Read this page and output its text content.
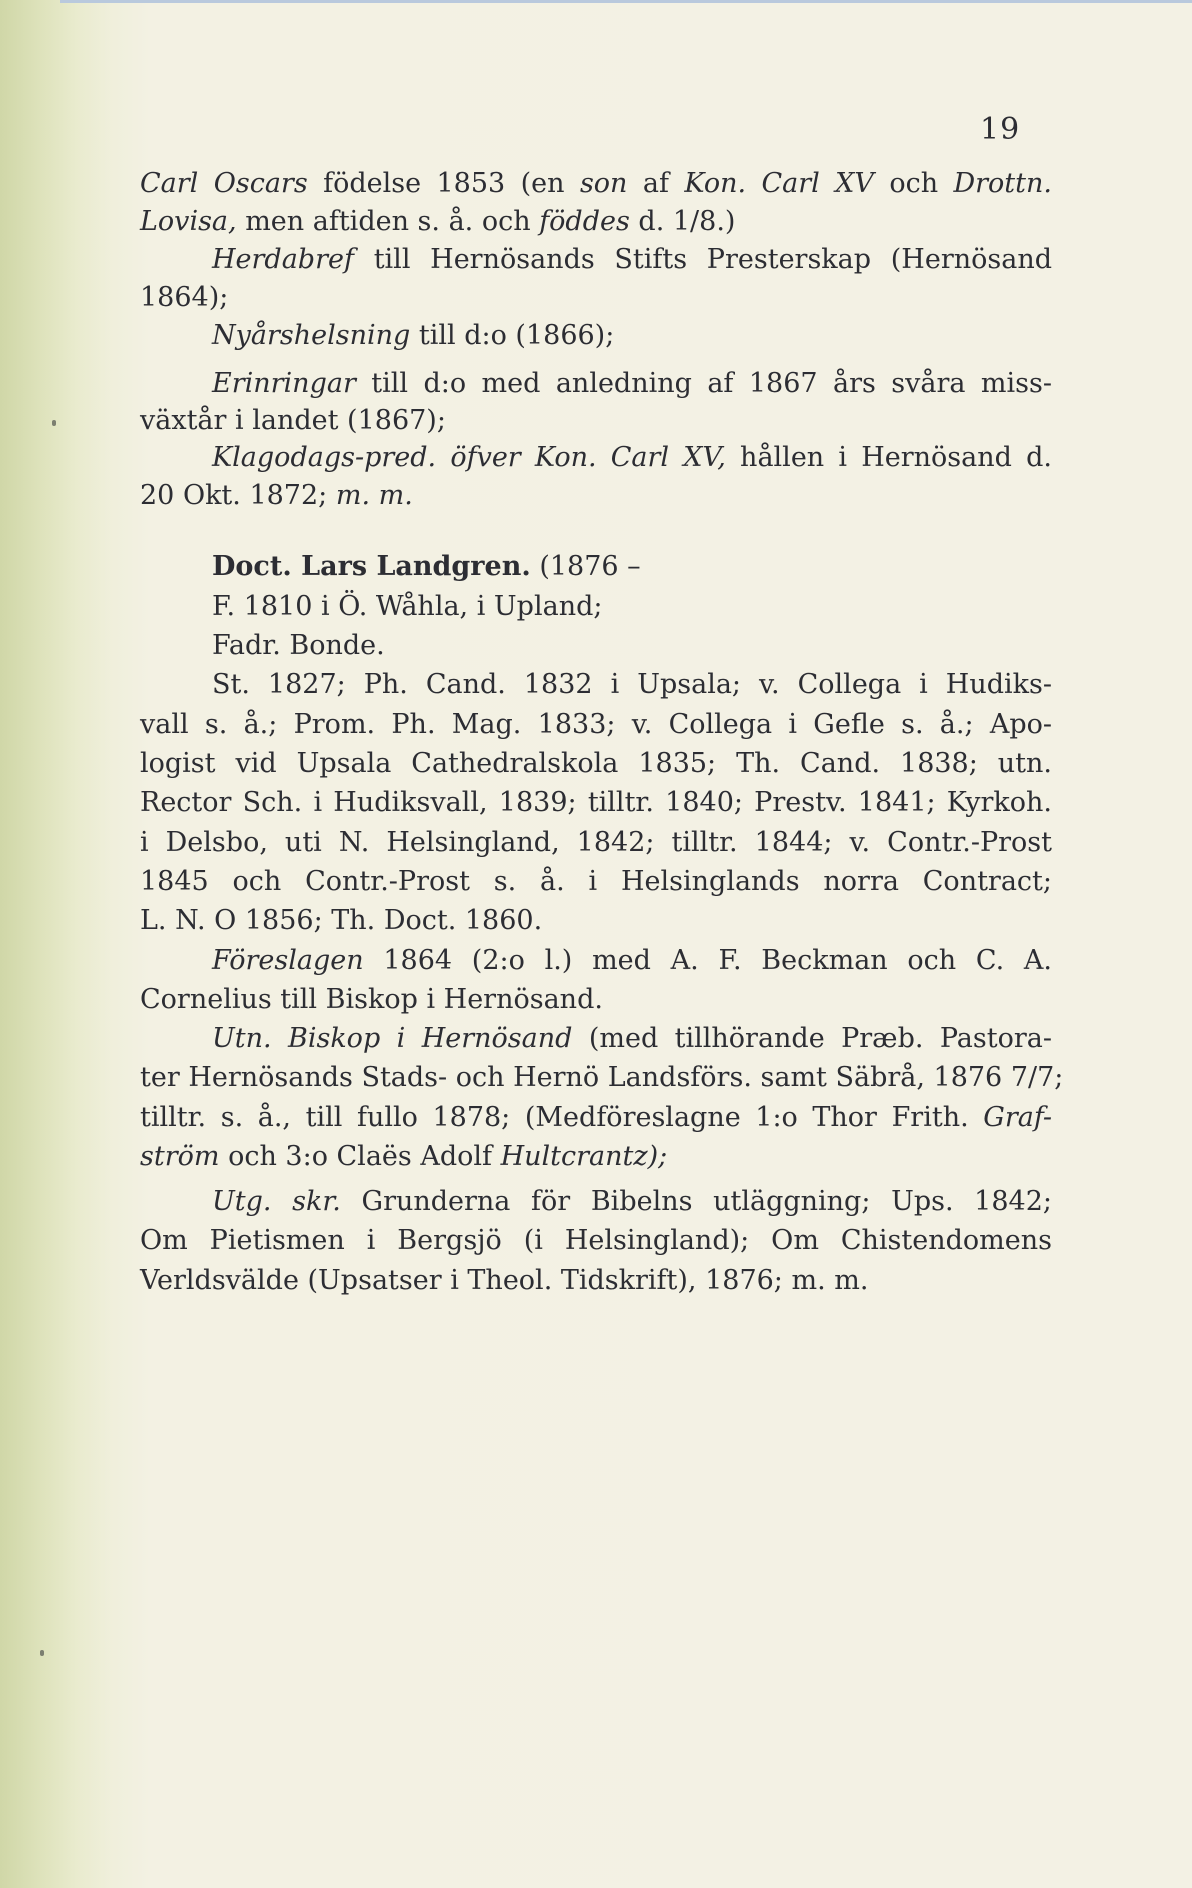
19
Carl Oscars födelse 1853 (en son af Kon. Carl XV och Drottn.
Lovisa, men aftiden s. å. och föddes d. 1/8.)
Herdabref till Hernösands Stifts Presterskap (Hernösand
1864);
Nyårshelsning till d:o (1866);
Erinringar till d:o med anledning af 1867 års svåra miss-
växtår i landet (1867);
Klagodags-pred. öfver Kon. Carl XV, hållen i Hernösand d.
20 Okt. 1872; m. m.
Doct. Lars Landgren. (1876 –
F. 1810 i Ö. Wåhla, i Upland;
Fadr. Bonde.
St. 1827; Ph. Cand. 1832 i Upsala; v. Collega i Hudiks-
vall s. å.; Prom. Ph. Mag. 1833; v. Collega i Gefle s. å.; Apo-
logist vid Upsala Cathedralskola 1835; Th. Cand. 1838; utn.
Rector Sch. i Hudiksvall, 1839; tilltr. 1840; Prestv. 1841; Kyrkoh.
i Delsbo, uti N. Helsingland, 1842; tilltr. 1844; v. Contr.-Prost
1845 och Contr.-Prost s. å. i Helsinglands norra Contract;
L. N. O 1856; Th. Doct. 1860.
Föreslagen 1864 (2:o l.) med A. F. Beckman och C. A.
Cornelius till Biskop i Hernösand.
Utn. Biskop i Hernösand (med tillhörande Præb. Pastora-
ter Hernösands Stads- och Hernö Landsförs. samt Säbrå, 1876 7/7;
tilltr. s. å., till fullo 1878; (Medföreslagne 1:o Thor Frith. Graf-
ström och 3:o Claës Adolf Hultcrantz);
Utg. skr. Grunderna för Bibelns utläggning; Ups. 1842;
Om Pietismen i Bergsjö (i Helsingland); Om Chistendomens
Verldsvälde (Upsatser i Theol. Tidskrift), 1876; m. m.
